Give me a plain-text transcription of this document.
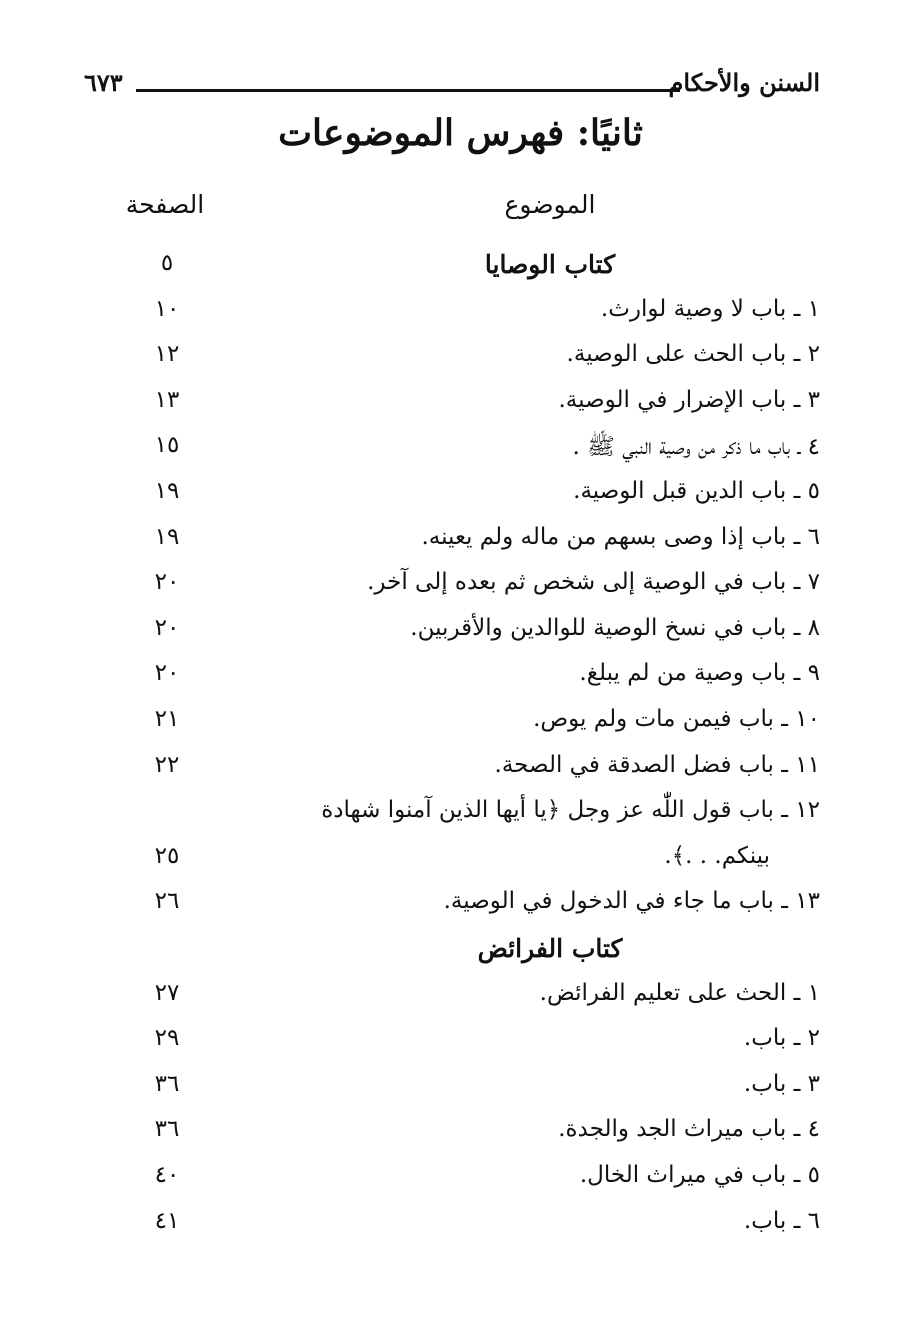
السنن والأحكام
٦٧٣
ثانيًا: فهرس الموضوعات
الموضوع
الصفحة
كتاب الوصايا
٥
١ ـ باب لا وصية لوارث.
١٠
٢ ـ باب الحث على الوصية.
١٢
٣ ـ باب الإضرار في الوصية.
١٣
٤ ـ باب ما ذكر من وصية النبي ﷺ .
١٥
٥ ـ باب الدين قبل الوصية.
١٩
٦ ـ باب إذا وصى بسهم من ماله ولم يعينه.
١٩
٧ ـ باب في الوصية إلى شخص ثم بعده إلى آخر.
٢٠
٨ ـ باب في نسخ الوصية للوالدين والأقربين.
٢٠
٩ ـ باب وصية من لم يبلغ.
٢٠
١٠ ـ باب فيمن مات ولم يوص.
٢١
١١ ـ باب فضل الصدقة في الصحة.
٢٢
١٢ ـ باب قول اللّٰه عز وجل ﴿يا أيها الذين آمنوا شهادة
بينكم. . .﴾.
٢٥
١٣ ـ باب ما جاء في الدخول في الوصية.
٢٦
كتاب الفرائض
١ ـ الحث على تعليم الفرائض.
٢٧
٢ ـ باب.
٢٩
٣ ـ باب.
٣٦
٤ ـ باب ميراث الجد والجدة.
٣٦
٥ ـ باب في ميراث الخال.
٤٠
٦ ـ باب.
٤١
